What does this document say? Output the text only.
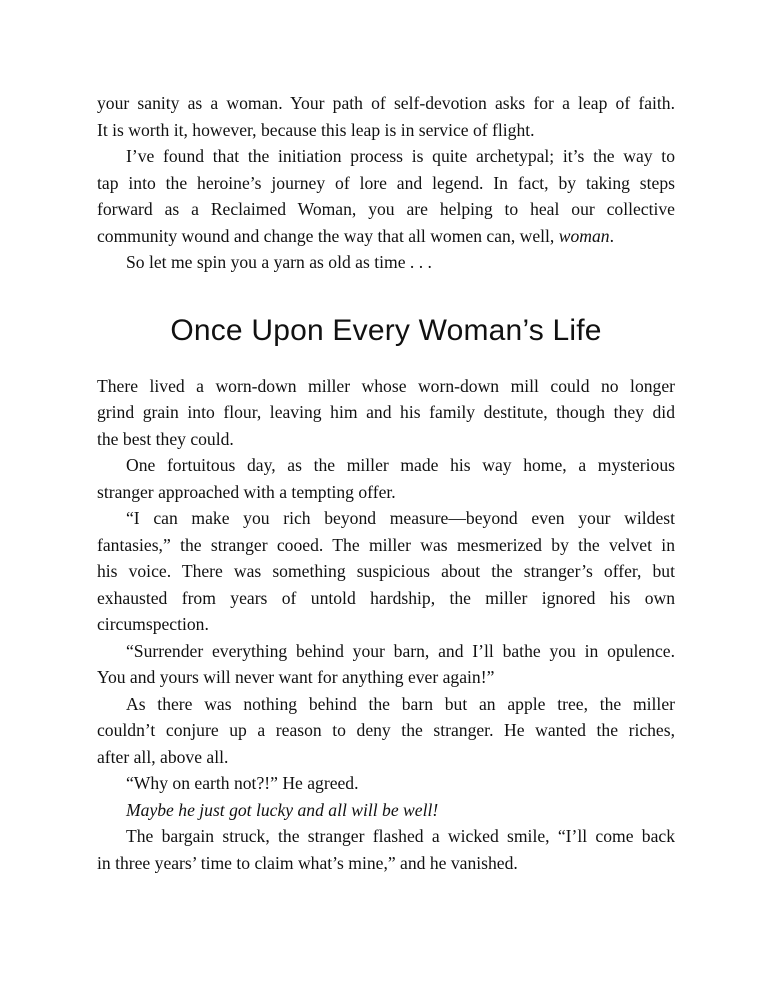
your sanity as a woman. Your path of self-devotion asks for a leap of faith.
It is worth it, however, because this leap is in service of flight.

I’ve found that the initiation process is quite archetypal; it’s the way to
tap into the heroine’s journey of lore and legend. In fact, by taking steps
forward as a Reclaimed Woman, you are helping to heal our collective
community wound and change the way that all women can, well, woman.

So let me spin you a yarn as old as time . . .

Once Upon Every Woman’s Life

There lived a worn-down miller whose worn-down mill could no longer
grind grain into flour, leaving him and his family destitute, though they did
the best they could.

One fortuitous day, as the miller made his way home, a mysterious
stranger approached with a tempting offer.

“I can make you rich beyond measure—beyond even your wildest
fantasies,” the stranger cooed. The miller was mesmerized by the velvet in
his voice. There was something suspicious about the stranger’s offer, but
exhausted from years of untold hardship, the miller ignored his own
circumspection.

“Surrender everything behind your barn, and I’ll bathe you in opulence.
You and yours will never want for anything ever again!”

As there was nothing behind the barn but an apple tree, the miller
couldn’t conjure up a reason to deny the stranger. He wanted the riches,
after all, above all.

“Why on earth not?!” He agreed.

Maybe he just got lucky and all will be well!

The bargain struck, the stranger flashed a wicked smile, “I’ll come back
in three years’ time to claim what’s mine,” and he vanished.
